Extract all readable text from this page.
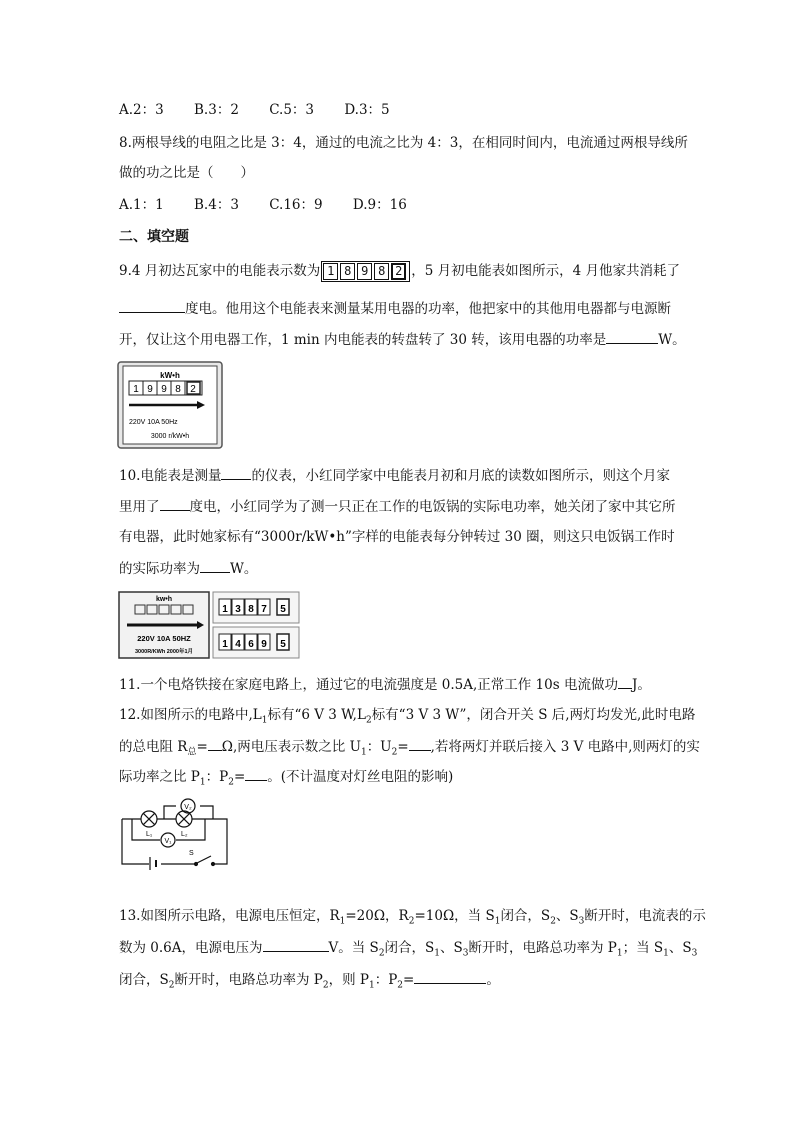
A.2：3 B.3：2 C.5：3 D.3：5
8.两根导线的电阻之比是 3：4，通过的电流之比为 4：3，在相同时间内，电流通过两根导线所
做的功之比是（　　）
A.1：1 B.4：3 C.16：9 D.9：16
二、填空题
9.4 月初达瓦家中的电能表示数为 1 8 9 8 2 ，5 月初电能表如图所示，4 月他家共消耗了
度电。他用这个电能表来测量某用电器的功率，他把家中的其他用电器都与电源断
开，仅让这个用电器工作，1 min 内电能表的转盘转了 30 转，该用电器的功率是	W。
kW•h
1 9 9 8 2
220V 10A 50Hz
3000 r/kW•h
10.电能表是测量 的仪表，小红同学家中电能表月初和月底的读数如图所示，则这个月家
里用了 度电，小红同学为了测一只正在工作的电饭锅的实际电功率，她关闭了家中其它所
有电器，此时她家标有“3000r/kW•h”字样的电能表每分钟转过 30 圈，则这只电饭锅工作时
的实际功率为 W。
kw•h
220V 10A 50HZ
3000R/KWh 2000年1月
1 3 8 7 5
1 4 6 9 5
11.一个电烙铁接在家庭电路上，通过它的电流强度是 0.5A,正常工作 10s 电流做功 J。
12.如图所示的电路中$,L_1$标有“6 V 3 $W,L_2$标有“3 V 3 W”，闭合开关 S 后,两灯均发光,此时电路
的总电阻 $R_总= \Omega$,两电压表示数之比 $U_1$：$U_2=$ ,若将两灯并联后接入 3 V 电路中,则两灯的实
际功率之比 $P_1$：$P_2=$ 。(不计温度对灯丝电阻的影响)
V₂
V₁
L₁	L₂
S
13.如图所示电路，电源电压恒定，$R_1=20\Omega$，$R_2=10\Omega$，当 $S_1$闭合，$S_2$、$S_3$断开时，电流表的示
数为 0.6A，电源电压为	V。当 $S_2$闭合，$S_1$、$S_3$断开时，电路总功率为 $P_1$；当 $S_1$、$S_3$
闭合，$S_2$断开时，电路总功率为 $P_2$，则 $P_1$：$P_2=$	。
